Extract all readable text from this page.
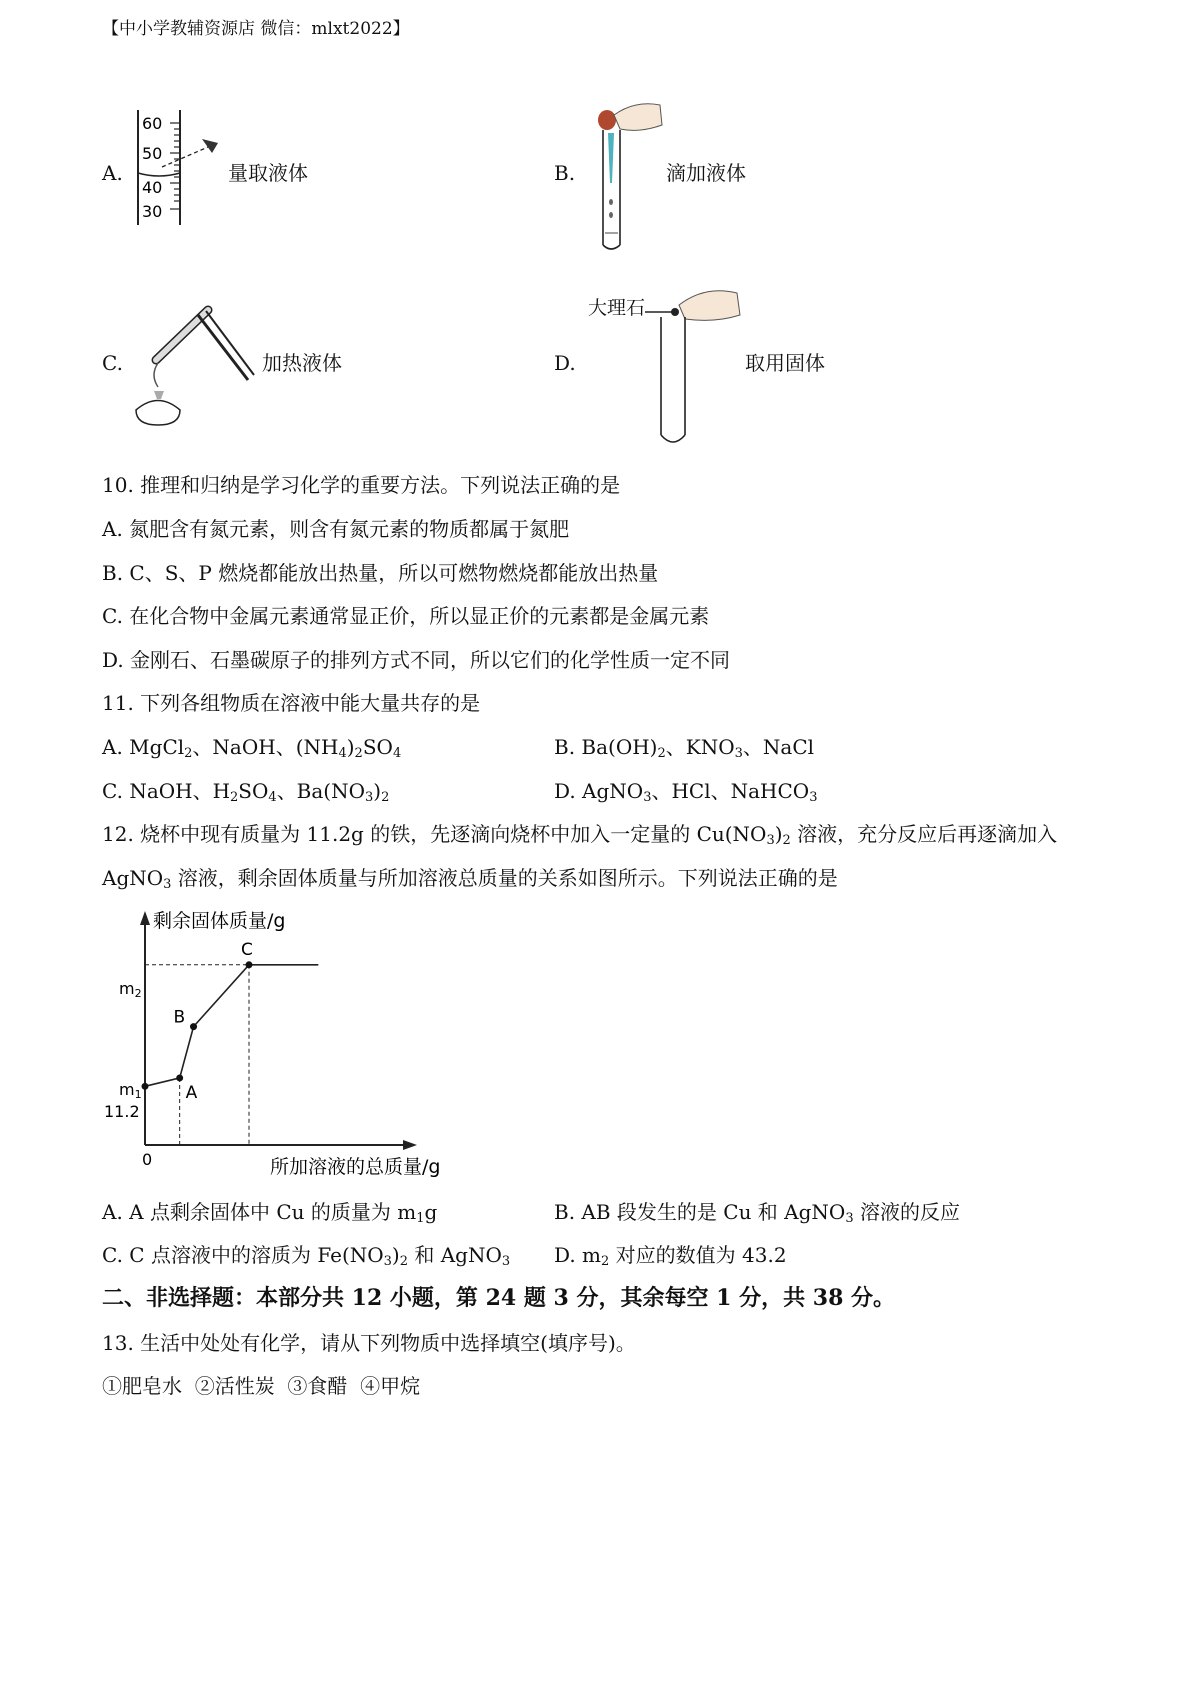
【中小学教辅资源店 微信：mlxt2022】
A.
60
50
40
30
量取液体	B.	滴加液体
C.	加热液体	D.
大理石
取用固体
10. 推理和归纳是学习化学的重要方法。下列说法正确的是
A. 氮肥含有氮元素，则含有氮元素的物质都属于氮肥
B. C、S、P 燃烧都能放出热量，所以可燃物燃烧都能放出热量
C. 在化合物中金属元素通常显正价，所以显正价的元素都是金属元素
D. 金刚石、石墨碳原子的排列方式不同，所以它们的化学性质一定不同
11. 下列各组物质在溶液中能大量共存的是
A. MgCl$_2$、NaOH、$(NH_4)_2SO_4$	B. $Ba(OH)_2$、$KNO_3$、NaCl
C. NaOH、$H_2SO_4$、$Ba(NO_3)_2$	D. AgNO$_3$、HCl、NaHCO$_3$
12. 烧杯中现有质量为 11.2g 的铁，先逐滴向烧杯中加入一定量的 $Cu(NO_3)_2$ 溶液，充分反应后再逐滴加入
AgNO$_3$ 溶液，剩余固体质量与所加溶液总质量的关系如图所示。下列说法正确的是
剩余固体质量/g
所加溶液的总质量/g
0
A
B
C
m2
m1
11.2
A. A 点剩余固体中 Cu 的质量为 $m_1g$	B. AB 段发生的是 Cu 和 AgNO$_3$ 溶液的反应
C. C 点溶液中的溶质为 $Fe(NO_3)_2$ 和 AgNO$_3$ D. $m_2$ 对应的数值为 43.2
二、非选择题：本部分共 12 小题，第 24 题 3 分，其余每空 1 分，共 38 分。
13. 生活中处处有化学，请从下列物质中选择填空(填序号)。
①肥皂水  ②活性炭  ③食醋  ④甲烷
